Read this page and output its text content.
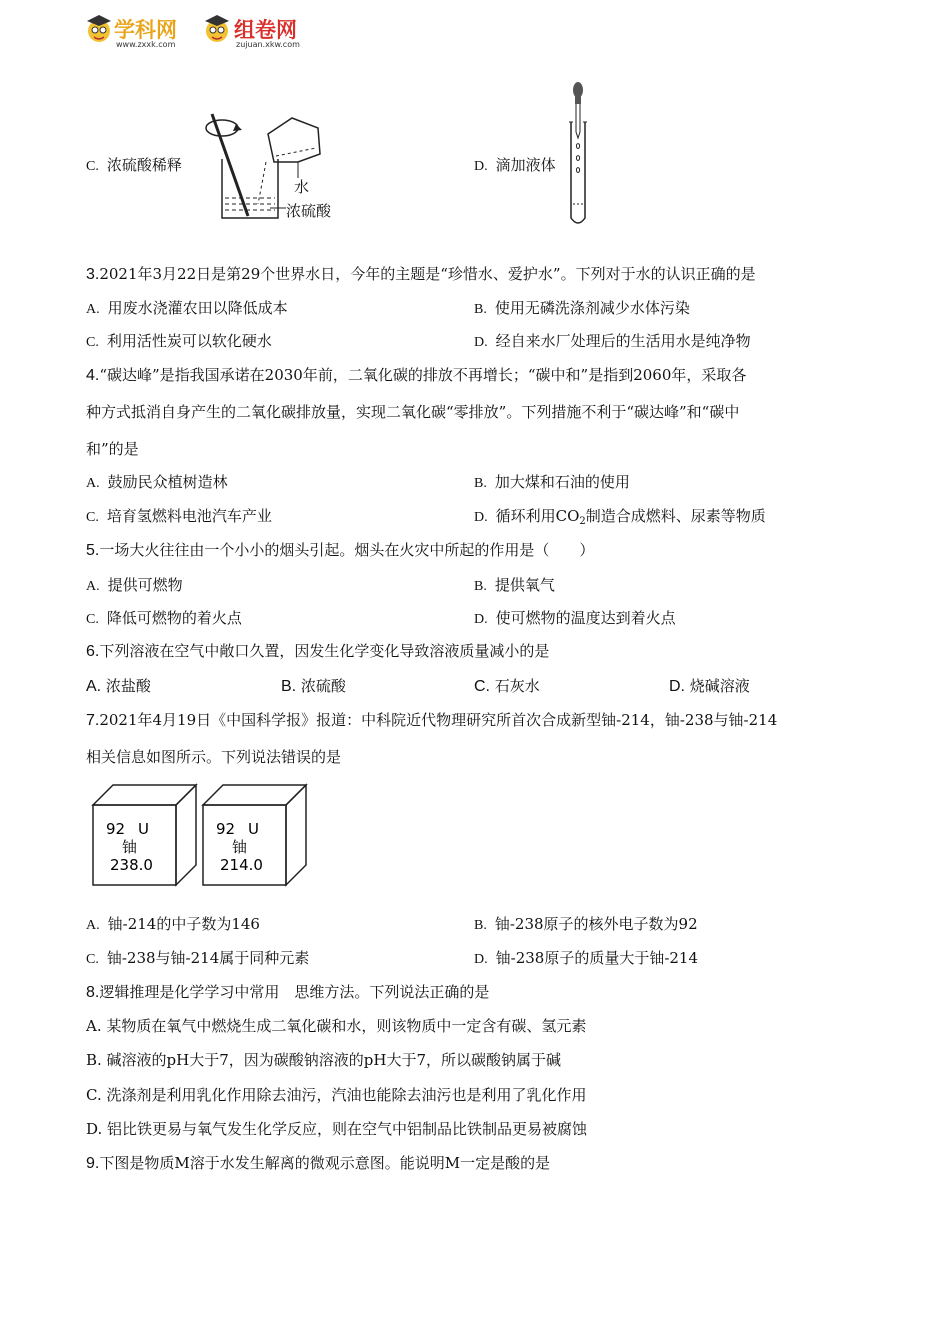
学科网
www.zxxk.com
组卷网
zujuan.xkw.com
C. 浓硫酸稀释
水
浓硫酸
D. 滴加液体
3.2021年3月22日是第29个世界水日，今年的主题是“珍惜水、爱护水”。下列对于水的认识正确的是
A. 用废水浇灌农田以降低成本	B. 使用无磷洗涤剂减少水体污染
C. 利用活性炭可以软化硬水	D. 经自来水厂处理后的生活用水是纯净物
4.“碳达峰”是指我国承诺在2030年前，二氧化碳的排放不再增长；“碳中和”是指到2060年，采取各
种方式抵消自身产生的二氧化碳排放量，实现二氧化碳“零排放”。下列措施不利于“碳达峰”和“碳中
和”的是
A. 鼓励民众植树造林	B. 加大煤和石油的使用
C. 培育氢燃料电池汽车产业	D. 循环利用$CO_2$制造合成燃料、尿素等物质
5.一场大火往往由一个小小的烟头引起。烟头在火灾中所起的作用是（　　）
A. 提供可燃物	B. 提供氧气
C. 降低可燃物的着火点	D. 使可燃物的温度达到着火点
6.下列溶液在空气中敞口久置，因发生化学变化导致溶液质量减小的是
A. 浓盐酸	B. 浓硫酸	C. 石灰水	D. 烧碱溶液
7.2021年4月19日《中国科学报》报道：中科院近代物理研究所首次合成新型铀-214，铀-238与铀-214
相关信息如图所示。下列说法错误的是
92 U
铀
238.0
92 U
铀
214.0
A. 铀-214的中子数为146	B. 铀-238原子的核外电子数为92
C. 铀-238与铀-214属于同种元素	D. 铀-238原子的质量大于铀-214
8.逻辑推理是化学学习中常用　思维方法。下列说法正确的是
A. 某物质在氧气中燃烧生成二氧化碳和水，则该物质中一定含有碳、氢元素
B. 碱溶液的pH大于7，因为碳酸钠溶液的pH大于7，所以碳酸钠属于碱
C. 洗涤剂是利用乳化作用除去油污，汽油也能除去油污也是利用了乳化作用
D. 铝比铁更易与氧气发生化学反应，则在空气中铝制品比铁制品更易被腐蚀
9.下图是物质M溶于水发生解离的微观示意图。能说明M一定是酸的是
